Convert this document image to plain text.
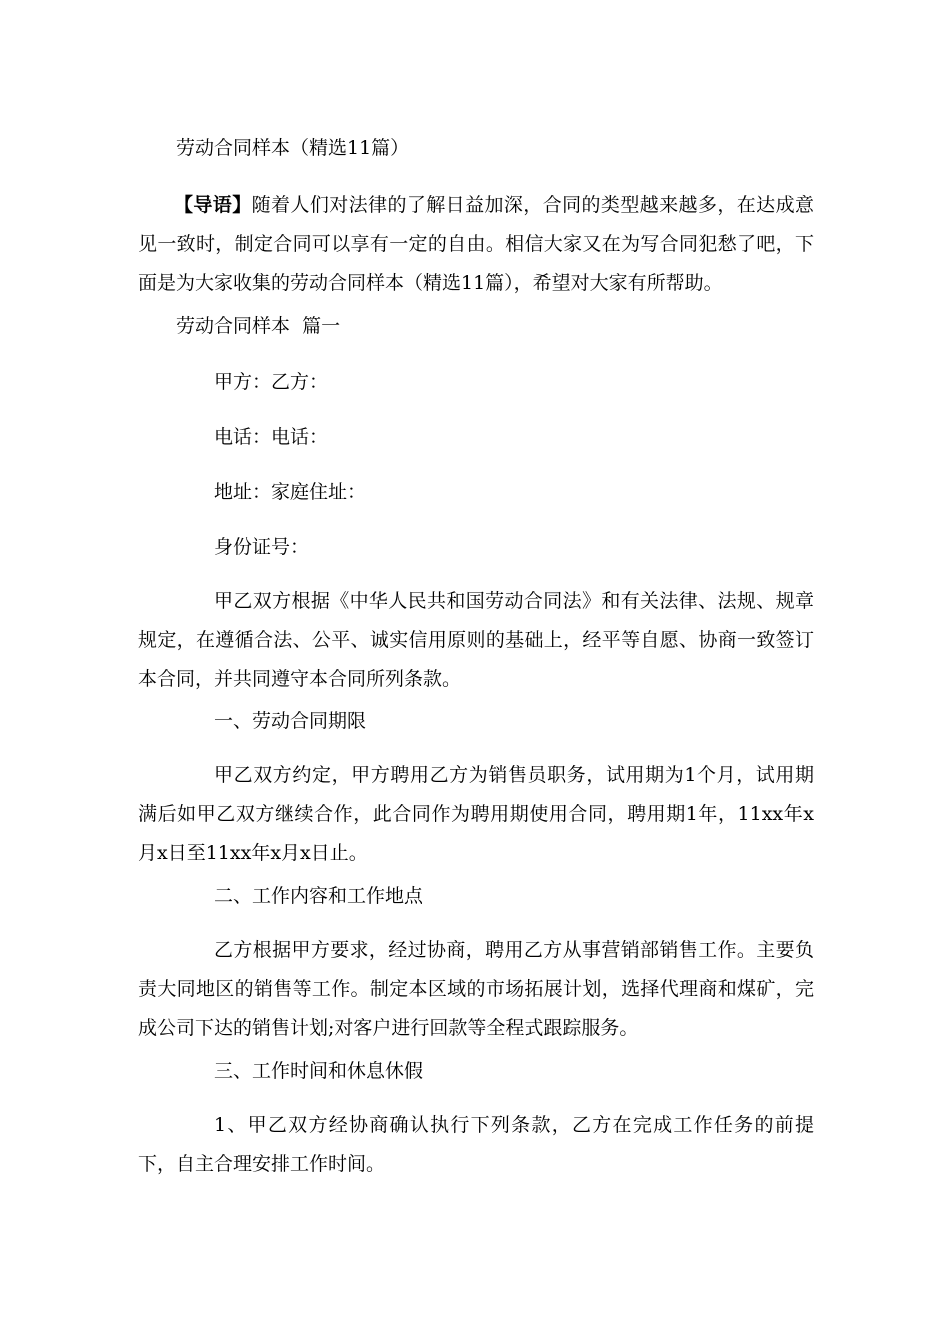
劳动合同样本（精选11篇）
【导语】随着人们对法律的了解日益加深，合同的类型越来越多，在达成意见一致时，制定合同可以享有一定的自由。相信大家又在为写合同犯愁了吧，下面是为大家收集的劳动合同样本（精选11篇），希望对大家有所帮助。
劳动合同样本  篇一
甲方：乙方：
电话：电话：
地址：家庭住址：
身份证号：
甲乙双方根据《中华人民共和国劳动合同法》和有关法律、法规、规章规定，在遵循合法、公平、诚实信用原则的基础上，经平等自愿、协商一致签订本合同，并共同遵守本合同所列条款。
一、劳动合同期限
甲乙双方约定，甲方聘用乙方为销售员职务，试用期为1个月，试用期满后如甲乙双方继续合作，此合同作为聘用期使用合同，聘用期1年，11xx年x月x日至11xx年x月x日止。
二、工作内容和工作地点
乙方根据甲方要求，经过协商，聘用乙方从事营销部销售工作。主要负责大同地区的销售等工作。制定本区域的市场拓展计划，选择代理商和煤矿，完成公司下达的销售计划;对客户进行回款等全程式跟踪服务。
三、工作时间和休息休假
1、甲乙双方经协商确认执行下列条款，乙方在完成工作任务的前提下，自主合理安排工作时间。
